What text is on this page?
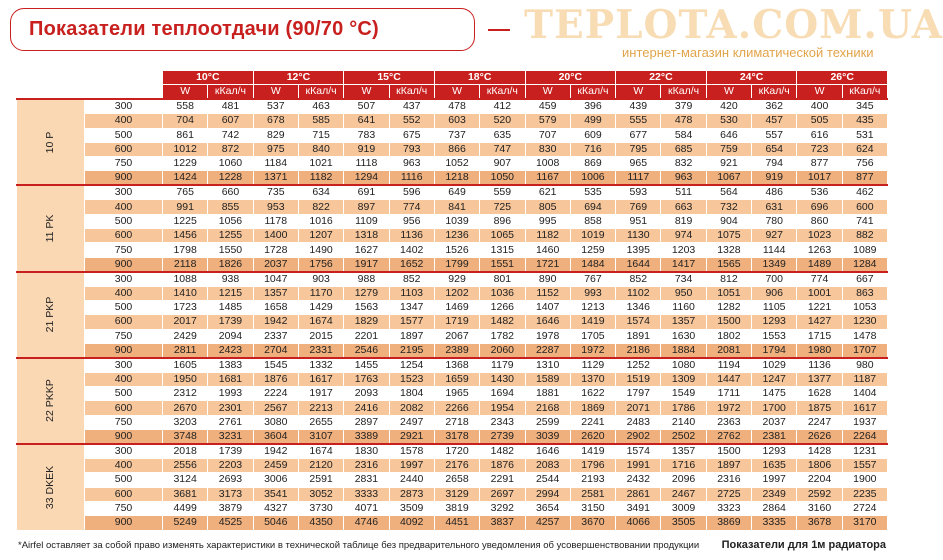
Показатели теплоотдачи (90/70 °С)	TEPLOTA.COM.UA
интернет-магазин климатической техники
		10°C		12°C		15°C		18°C		20°C		22°C		24°C		26°C	
		W	кКал/ч	W	кКал/ч	W	кКал/ч	W	кКал/ч	W	кКал/ч	W	кКал/ч	W	кКал/ч	W	кКал/ч

10 P	300	558	481	537	463	507	437	478	412	459	396	439	379	420	362	400	345
	400	704	607	678	585	641	552	603	520	579	499	555	478	530	457	505	435
	500	861	742	829	715	783	675	737	635	707	609	677	584	646	557	616	531
	600	1012	872	975	840	919	793	866	747	830	716	795	685	759	654	723	624
	750	1229	1060	1184	1021	1118	963	1052	907	1008	869	965	832	921	794	877	756
	900	1424	1228	1371	1182	1294	1116	1218	1050	1167	1006	1117	963	1067	919	1017	877

11 PK	300	765	660	735	634	691	596	649	559	621	535	593	511	564	486	536	462
	400	991	855	953	822	897	774	841	725	805	694	769	663	732	631	696	600
	500	1225	1056	1178	1016	1109	956	1039	896	995	858	951	819	904	780	860	741
	600	1456	1255	1400	1207	1318	1136	1236	1065	1182	1019	1130	974	1075	927	1023	882
	750	1798	1550	1728	1490	1627	1402	1526	1315	1460	1259	1395	1203	1328	1144	1263	1089
	900	2118	1826	2037	1756	1917	1652	1799	1551	1721	1484	1644	1417	1565	1349	1489	1284

21 PKP	300	1088	938	1047	903	988	852	929	801	890	767	852	734	812	700	774	667
	400	1410	1215	1357	1170	1279	1103	1202	1036	1152	993	1102	950	1051	906	1001	863
	500	1723	1485	1658	1429	1563	1347	1469	1266	1407	1213	1346	1160	1282	1105	1221	1053
	600	2017	1739	1942	1674	1829	1577	1719	1482	1646	1419	1574	1357	1500	1293	1427	1230
	750	2429	2094	2337	2015	2201	1897	2067	1782	1978	1705	1891	1630	1802	1553	1715	1478
	900	2811	2423	2704	2331	2546	2195	2389	2060	2287	1972	2186	1884	2081	1794	1980	1707

22 PKKP	300	1605	1383	1545	1332	1455	1254	1368	1179	1310	1129	1252	1080	1194	1029	1136	980
	400	1950	1681	1876	1617	1763	1523	1659	1430	1589	1370	1519	1309	1447	1247	1377	1187
	500	2312	1993	2224	1917	2093	1804	1965	1694	1881	1622	1797	1549	1711	1475	1628	1404
	600	2670	2301	2567	2213	2416	2082	2266	1954	2168	1869	2071	1786	1972	1700	1875	1617
	750	3203	2761	3080	2655	2897	2497	2718	2343	2599	2241	2483	2140	2363	2037	2247	1937
	900	3748	3231	3604	3107	3389	2921	3178	2739	3039	2620	2902	2502	2762	2381	2626	2264

33 DKEK	300	2018	1739	1942	1674	1830	1578	1720	1482	1646	1419	1574	1357	1500	1293	1428	1231
	400	2556	2203	2459	2120	2316	1997	2176	1876	2083	1796	1991	1716	1897	1635	1806	1557
	500	3124	2693	3006	2591	2831	2440	2658	2291	2544	2193	2432	2096	2316	1997	2204	1900
	600	3681	3173	3541	3052	3333	2873	3129	2697	2994	2581	2861	2467	2725	2349	2592	2235
	750	4499	3879	4327	3730	4071	3509	3819	3292	3654	3150	3491	3009	3323	2864	3160	2724
	900	5249	4525	5046	4350	4746	4092	4451	3837	4257	3670	4066	3505	3869	3335	3678	3170
*Airfel оставляет за собой право изменять характеристики в технической таблице без предварительного уведомления об усовершенствовании продукции Показатели для 1м радиатора
